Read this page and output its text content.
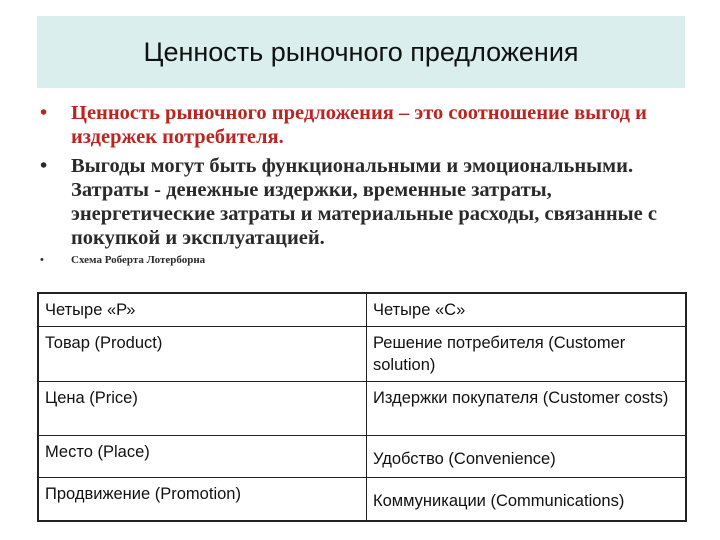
Ценность рыночного предложения
• Ценность рыночного предложения – это соотношение выгод и издержек потребителя.
• Выгоды могут быть функциональными и эмоциональными. Затраты - денежные издержки, временные затраты, энергетические затраты и материальные расходы, связанные с покупкой и эксплуатацией.
• Схема Роберта Лотерборна
Четыре «Р»	Четыре «С»
Товар (Product)	Решение потребителя (Customer solution)
Цена (Price)	Издержки покупателя (Customer costs)
Место (Place)	Удобство (Convenience)
Продвижение (Promotion)	Коммуникации (Communications)
